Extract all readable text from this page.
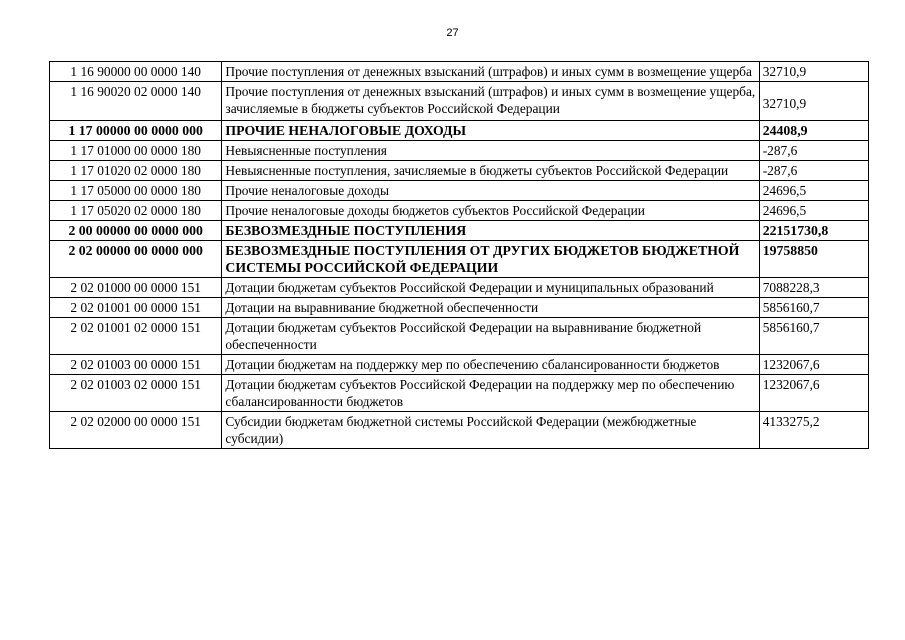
27
1 16 90000 00 0000 140	Прочие поступления от денежных взысканий (штрафов) и иных сумм в возмещение ущерба	32710,9
1 16 90020 02 0000 140	Прочие поступления от денежных взысканий (штрафов) и иных сумм в возмещение ущерба, зачисляемые в бюджеты субъектов Российской Федерации	32710,9
1 17 00000 00 0000 000	ПРОЧИЕ НЕНАЛОГОВЫЕ ДОХОДЫ	24408,9
1 17 01000 00 0000 180	Невыясненные поступления	-287,6
1 17 01020 02 0000 180	Невыясненные поступления, зачисляемые в бюджеты субъектов Российской Федерации	-287,6
1 17 05000 00 0000 180	Прочие неналоговые доходы	24696,5
1 17 05020 02 0000 180	Прочие неналоговые доходы бюджетов субъектов Российской Федерации	24696,5
2 00 00000 00 0000 000	БЕЗВОЗМЕЗДНЫЕ ПОСТУПЛЕНИЯ	22151730,8
2 02 00000 00 0000 000	БЕЗВОЗМЕЗДНЫЕ ПОСТУПЛЕНИЯ ОТ ДРУГИХ БЮДЖЕТОВ БЮДЖЕТНОЙ СИСТЕМЫ РОССИЙСКОЙ ФЕДЕРАЦИИ	19758850
2 02 01000 00 0000 151	Дотации бюджетам субъектов Российской Федерации и муниципальных образований	7088228,3
2 02 01001 00 0000 151	Дотации на выравнивание бюджетной обеспеченности	5856160,7
2 02 01001 02 0000 151	Дотации бюджетам субъектов Российской Федерации на выравнивание бюджетной обеспеченности	5856160,7
2 02 01003 00 0000 151	Дотации бюджетам на поддержку мер по обеспечению сбалансированности бюджетов	1232067,6
2 02 01003 02 0000 151	Дотации бюджетам субъектов Российской Федерации на поддержку мер по обеспечению сбалансированности бюджетов	1232067,6
2 02 02000 00 0000 151	Субсидии бюджетам бюджетной системы Российской Федерации (межбюджетные субсидии)	4133275,2
